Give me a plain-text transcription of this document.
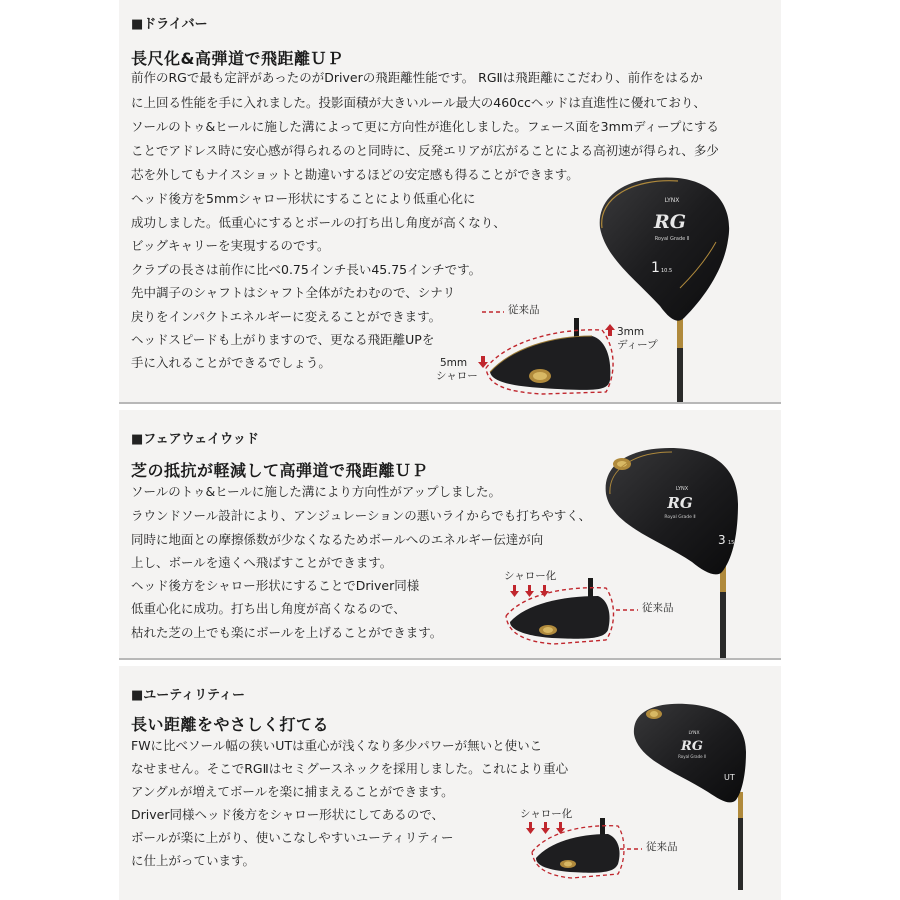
■ドライバー

長尺化&高弾道で飛距離ＵＰ

前作のRGで最も定評があったのがDriverの飛距離性能です。 RGⅡは飛距離にこだわり、前作をはるか

に上回る性能を手に入れました。投影面積が大きいルール最大の460ccヘッドは直進性に優れており、

ソールのトゥ&ヒールに施した溝によって更に方向性が進化しました。フェース面を3mmディープにする

ことでアドレス時に安心感が得られるのと同時に、反発エリアが広がることによる高初速が得られ、多少

芯を外してもナイスショットと勘違いするほどの安定感も得ることができます。

ヘッド後方を5mmシャロー形状にすることにより低重心化に

成功しました。低重心にするとボールの打ち出し角度が高くなり、

ビッグキャリーを実現するのです。

クラブの長さは前作に比べ0.75インチ長い45.75インチです。

先中調子のシャフトはシャフト全体がたわむので、シナリ

戻りをインパクトエネルギーに変えることができます。

ヘッドスピードも上がりますので、更なる飛距離UPを

手に入れることができるでしょう。

LYNX
RG
Royal Grade Ⅱ
1 10.5

従来品

3mm

ディープ

5mm

シャロー

■フェアウェイウッド

芝の抵抗が軽減して高弾道で飛距離ＵＰ

ソールのトゥ&ヒールに施した溝により方向性がアップしました。

ラウンドソール設計により、アンジュレーションの悪いライからでも打ちやすく、

同時に地面との摩擦係数が少なくなるためボールへのエネルギー伝達が向

上し、ボールを遠くへ飛ばすことができます。

ヘッド後方をシャロー形状にすることでDriver同様

低重心化に成功。打ち出し角度が高くなるので、

枯れた芝の上でも楽にボールを上げることができます。

LYNX
RG
Royal Grade Ⅱ
3 15

シャロー化

従来品

■ユーティリティー

長い距離をやさしく打てる

FWに比べソール幅の狭いUTは重心が浅くなり多少パワーが無いと使いこ

なせません。そこでRGⅡはセミグースネックを採用しました。これにより重心

アングルが増えてボールを楽に捕まえることができます。

Driver同様ヘッド後方をシャロー形状にしてあるので、

ボールが楽に上がり、使いこなしやすいユーティリティー

に仕上がっています。

LYNX
RG
Royal Grade Ⅱ
UT

シャロー化

従来品
